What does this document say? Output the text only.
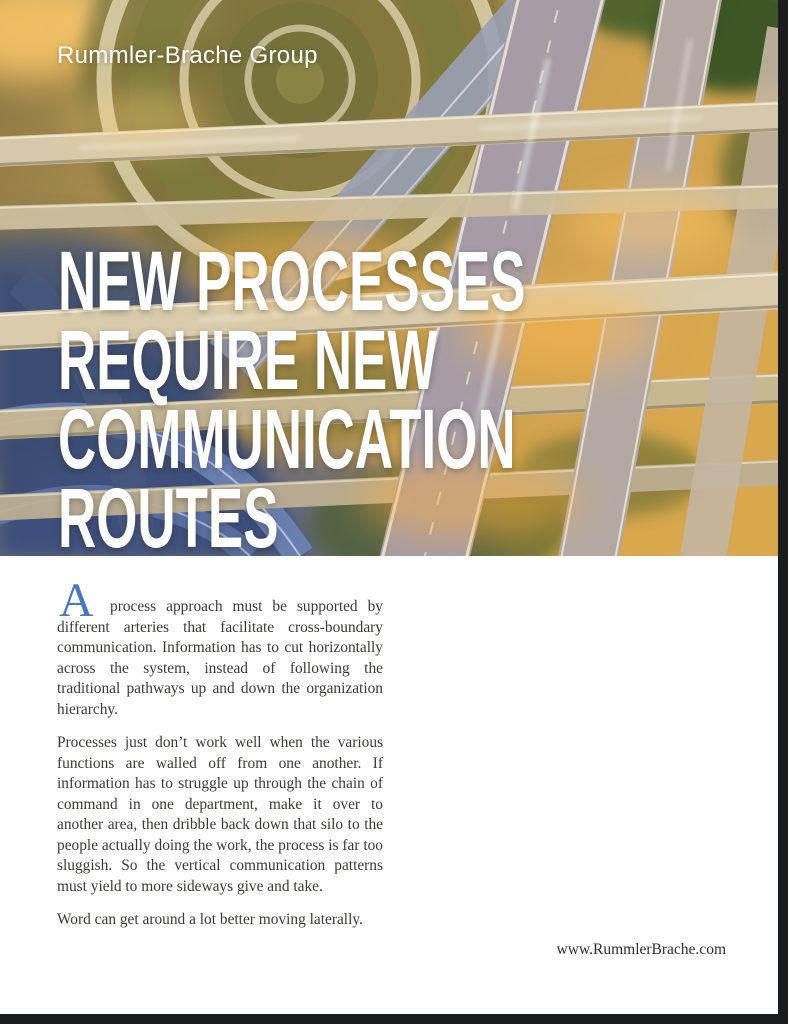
Rummler-Brache Group
NEW PROCESSES
REQUIRE NEW
COMMUNICATION
ROUTES
A	process approach must be supported by different arteries that facilitate cross-boundary communication. Information has to cut horizontally across the system, instead of following the traditional pathways up and down the organization hierarchy.

Processes just don’t work well when the various functions are walled off from one another. If information has to struggle up through the chain of command in one department, make it over to another area, then dribble back down that silo to the people actually doing the work, the process is far too sluggish. So the vertical communication patterns must yield to more sideways give and take.

Word can get around a lot better moving laterally.

www.RummlerBrache.com
